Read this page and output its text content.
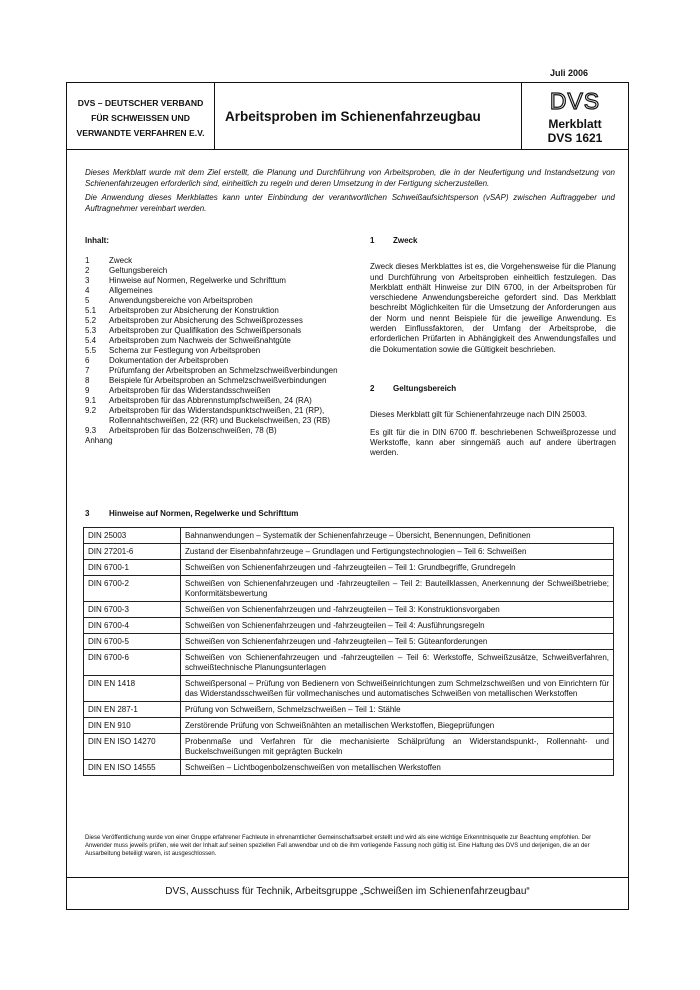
Juli 2006
DVS – DEUTSCHER VERBAND
FÜR SCHWEISSEN UND
VERWANDTE VERFAHREN E.V.
Arbeitsproben im Schienenfahrzeugbau
DVS
Merkblatt
DVS 1621

Dieses Merkblatt wurde mit dem Ziel erstellt, die Planung und Durchführung von Arbeitsproben, die in der Neufertigung und Instandsetzung von Schienenfahrzeugen erforderlich sind, einheitlich zu regeln und deren Umsetzung in der Fertigung sicherzustellen.

Die Anwendung dieses Merkblattes kann unter Einbindung der verantwortlichen Schweißaufsichtsperson (vSAP) zwischen Auftraggeber und Auftragnehmer vereinbart werden.

Inhalt:
1	Zweck
2	Geltungsbereich
3	Hinweise auf Normen, Regelwerke und Schrifttum
4	Allgemeines
5	Anwendungsbereiche von Arbeitsproben
5.1	Arbeitsproben zur Absicherung der Konstruktion
5.2	Arbeitsproben zur Absicherung des Schweißprozesses
5.3	Arbeitsproben zur Qualifikation des Schweißpersonals
5.4	Arbeitsproben zum Nachweis der Schweißnahtgüte
5.5	Schema zur Festlegung von Arbeitsproben
6	Dokumentation der Arbeitsproben
7	Prüfumfang der Arbeitsproben an Schmelzschweißverbindungen
8	Beispiele für Arbeitsproben an Schmelzschweißverbindungen
9	Arbeitsproben für das Widerstandsschweißen
9.1	Arbeitsproben für das Abbrennstumpfschweißen, 24 (RA)
9.2	Arbeitsproben für das Widerstandspunktschweißen, 21 (RP), Rollennahtschweißen, 22 (RR) und Buckelschweißen, 23 (RB)
9.3	Arbeitsproben für das Bolzenschweißen, 78 (B)
Anhang
1	Zweck

Zweck dieses Merkblattes ist es, die Vorgehensweise für die Planung und Durchführung von Arbeitsproben einheitlich festzulegen. Das Merkblatt enthält Hinweise zur DIN 6700, in der Arbeitsproben für verschiedene Anwendungsbereiche gefordert sind. Das Merkblatt beschreibt Möglichkeiten für die Umsetzung der Anforderungen aus der Norm und nennt Beispiele für die jeweilige Anwendung. Es werden Einflussfaktoren, der Umfang der Arbeitsprobe, die erforderlichen Prüfarten in Abhängigkeit des Anwendungsfalles und die Dokumentation sowie die Gültigkeit beschrieben.

2	Geltungsbereich

Dieses Merkblatt gilt für Schienenfahrzeuge nach DIN 25003.

Es gilt für die in DIN 6700 ff. beschriebenen Schweißprozesse und Werkstoffe, kann aber sinngemäß auch auf andere übertragen werden.

3	Hinweise auf Normen, Regelwerke und Schrifttum
DIN 25003	Bahnanwendungen – Systematik der Schienenfahrzeuge – Übersicht, Benennungen, Definitionen
DIN 27201-6	Zustand der Eisenbahnfahrzeuge – Grundlagen und Fertigungstechnologien – Teil 6: Schweißen
DIN 6700-1	Schweißen von Schienenfahrzeugen und -fahrzeugteilen – Teil 1: Grundbegriffe, Grundregeln
DIN 6700-2	Schweißen von Schienenfahrzeugen und -fahrzeugteilen – Teil 2: Bauteilklassen, Anerkennung der Schweißbetriebe; Konformitätsbewertung
DIN 6700-3	Schweißen von Schienenfahrzeugen und -fahrzeugteilen – Teil 3: Konstruktionsvorgaben
DIN 6700-4	Schweißen von Schienenfahrzeugen und -fahrzeugteilen – Teil 4: Ausführungsregeln
DIN 6700-5	Schweißen von Schienenfahrzeugen und -fahrzeugteilen – Teil 5: Güteanforderungen
DIN 6700-6	Schweißen von Schienenfahrzeugen und -fahrzeugteilen – Teil 6: Werkstoffe, Schweißzusätze, Schweißverfahren, schweißtechnische Planungsunterlagen
DIN EN 1418	Schweißpersonal – Prüfung von Bedienern von Schweißeinrichtungen zum Schmelzschweißen und von Einrichtern für das Widerstandsschweißen für vollmechanisches und automatisches Schweißen von metallischen Werkstoffen
DIN EN 287-1	Prüfung von Schweißern, Schmelzschweißen – Teil 1: Stähle
DIN EN 910	Zerstörende Prüfung von Schweißnähten an metallischen Werkstoffen, Biegeprüfungen
DIN EN ISO 14270	Probenmaße und Verfahren für die mechanisierte Schälprüfung an Widerstandspunkt-, Rollennaht- und Buckelschweißungen mit geprägten Buckeln
DIN EN ISO 14555	Schweißen – Lichtbogenbolzenschweißen von metallischen Werkstoffen
Diese Veröffentlichung wurde von einer Gruppe erfahrener Fachleute in ehrenamtlicher Gemeinschaftsarbeit erstellt und wird als eine wichtige Erkenntnisquelle zur Beachtung empfohlen. Der Anwender muss jeweils prüfen, wie weit der Inhalt auf seinen speziellen Fall anwendbar und ob die ihm vorliegende Fassung noch gültig ist. Eine Haftung des DVS und derjenigen, die an der Ausarbeitung beteiligt waren, ist ausgeschlossen.
DVS, Ausschuss für Technik, Arbeitsgruppe „Schweißen im Schienenfahrzeugbau“
